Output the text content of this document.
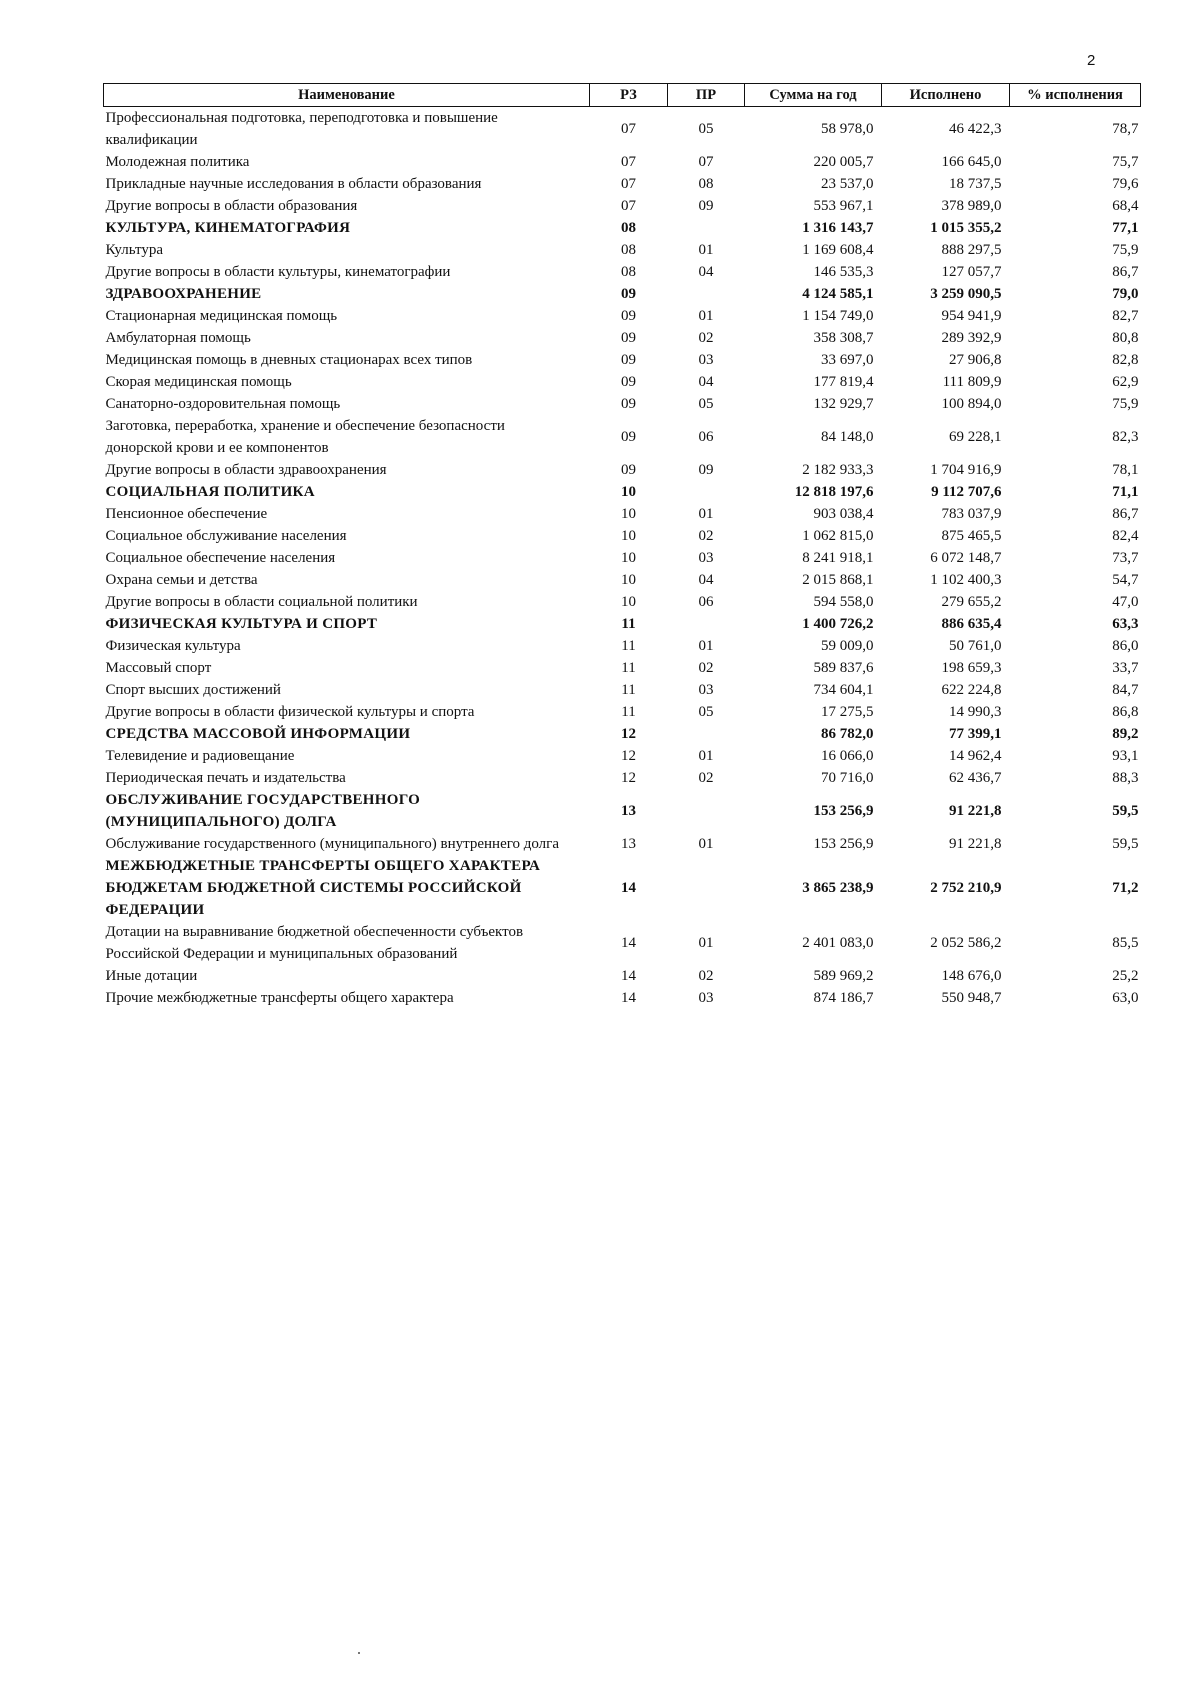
2
Наименование	РЗ	ПР	Сумма на год	Исполнено	% исполнения
Профессиональная подготовка, переподготовка и повышение квалификации	07	05	58 978,0	46 422,3	78,7
Молодежная политика	07	07	220 005,7	166 645,0	75,7
Прикладные научные исследования в области образования	07	08	23 537,0	18 737,5	79,6
Другие вопросы в области образования	07	09	553 967,1	378 989,0	68,4
КУЛЬТУРА, КИНЕМАТОГРАФИЯ	08		1 316 143,7	1 015 355,2	77,1
Культура	08	01	1 169 608,4	888 297,5	75,9
Другие вопросы в области культуры, кинематографии	08	04	146 535,3	127 057,7	86,7
ЗДРАВООХРАНЕНИЕ	09		4 124 585,1	3 259 090,5	79,0
Стационарная медицинская помощь	09	01	1 154 749,0	954 941,9	82,7
Амбулаторная помощь	09	02	358 308,7	289 392,9	80,8
Медицинская помощь в дневных стационарах всех типов	09	03	33 697,0	27 906,8	82,8
Скорая медицинская помощь	09	04	177 819,4	111 809,9	62,9
Санаторно-оздоровительная помощь	09	05	132 929,7	100 894,0	75,9
Заготовка, переработка, хранение и обеспечение безопасности донорской крови и ее компонентов	09	06	84 148,0	69 228,1	82,3
Другие вопросы в области здравоохранения	09	09	2 182 933,3	1 704 916,9	78,1
СОЦИАЛЬНАЯ ПОЛИТИКА	10		12 818 197,6	9 112 707,6	71,1
Пенсионное обеспечение	10	01	903 038,4	783 037,9	86,7
Социальное обслуживание населения	10	02	1 062 815,0	875 465,5	82,4
Социальное обеспечение населения	10	03	8 241 918,1	6 072 148,7	73,7
Охрана семьи и детства	10	04	2 015 868,1	1 102 400,3	54,7
Другие вопросы в области социальной политики	10	06	594 558,0	279 655,2	47,0
ФИЗИЧЕСКАЯ КУЛЬТУРА И СПОРТ	11		1 400 726,2	886 635,4	63,3
Физическая культура	11	01	59 009,0	50 761,0	86,0
Массовый спорт	11	02	589 837,6	198 659,3	33,7
Спорт высших достижений	11	03	734 604,1	622 224,8	84,7
Другие вопросы в области физической культуры и спорта	11	05	17 275,5	14 990,3	86,8
СРЕДСТВА МАССОВОЙ ИНФОРМАЦИИ	12		86 782,0	77 399,1	89,2
Телевидение и радиовещание	12	01	16 066,0	14 962,4	93,1
Периодическая печать и издательства	12	02	70 716,0	62 436,7	88,3
ОБСЛУЖИВАНИЕ ГОСУДАРСТВЕННОГО (МУНИЦИПАЛЬНОГО) ДОЛГА	13		153 256,9	91 221,8	59,5
Обслуживание государственного (муниципального) внутреннего долга	13	01	153 256,9	91 221,8	59,5
МЕЖБЮДЖЕТНЫЕ ТРАНСФЕРТЫ ОБЩЕГО ХАРАКТЕРА БЮДЖЕТАМ БЮДЖЕТНОЙ СИСТЕМЫ РОССИЙСКОЙ ФЕДЕРАЦИИ	14		3 865 238,9	2 752 210,9	71,2
Дотации на выравнивание бюджетной обеспеченности субъектов Российской Федерации и муниципальных образований	14	01	2 401 083,0	2 052 586,2	85,5
Иные дотации	14	02	589 969,2	148 676,0	25,2
Прочие межбюджетные трансферты общего характера	14	03	874 186,7	550 948,7	63,0
